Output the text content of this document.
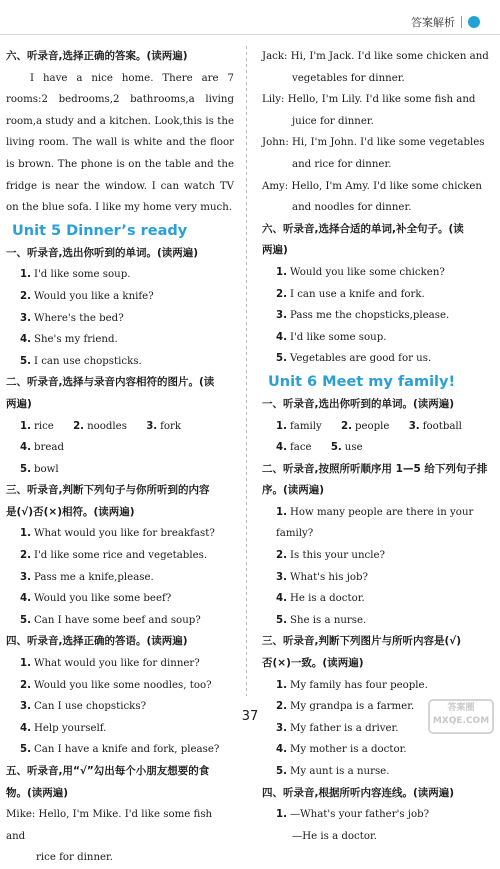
答案解析
六、听录音,选择正确的答案。(读两遍)
I have a nice home. There are 7 rooms:2 bedrooms,2 bathrooms,a living room,a study and a kitchen. Look,this is the living room. The wall is white and the floor is brown. The phone is on the table and the fridge is near the window. I can watch TV on the blue sofa. I like my home very much.
Unit 5 Dinner’s ready
一、听录音,选出你听到的单词。(读两遍)
1. I'd like some soup.
2. Would you like a knife?
3. Where's the bed?
4. She's my friend.
5. I can use chopsticks.
二、听录音,选择与录音内容相符的图片。(读
两遍)
1. rice 2. noodles 3. fork 4. bread
5. bowl
三、听录音,判断下列句子与你所听到的内容
是(√)否(×)相符。(读两遍)
1. What would you like for breakfast?
2. I'd like some rice and vegetables.
3. Pass me a knife,please.
4. Would you like some beef?
5. Can I have some beef and soup?
四、听录音,选择正确的答语。(读两遍)
1. What would you like for dinner?
2. Would you like some noodles, too?
3. Can I use chopsticks?
4. Help yourself.
5. Can I have a knife and fork, please?
五、听录音,用“√”勾出每个小朋友想要的食
物。(读两遍)
Mike: Hello, I'm Mike. I'd like some fish and
rice for dinner.
Jack: Hi, I'm Jack. I'd like some chicken and
vegetables for dinner.
Lily: Hello, I'm Lily. I'd like some fish and
juice for dinner.
John: Hi, I'm John. I'd like some vegetables
and rice for dinner.
Amy: Hello, I'm Amy. I'd like some chicken
and noodles for dinner.
六、听录音,选择合适的单词,补全句子。(读
两遍)
1. Would you like some chicken?
2. I can use a knife and fork.
3. Pass me the chopsticks,please.
4. I'd like some soup.
5. Vegetables are good for us.
Unit 6 Meet my family!
一、听录音,选出你听到的单词。(读两遍)
1. family 2. people 3. football
4. face 5. use
二、听录音,按照所听顺序用 1—5 给下列句子排
序。(读两遍)
1. How many people are there in your family?
2. Is this your uncle?
3. What's his job?
4. He is a doctor.
5. She is a nurse.
三、听录音,判断下列图片与所听内容是(√)
否(×)一致。(读两遍)
1. My family has four people.
2. My grandpa is a farmer.
3. My father is a driver.
4. My mother is a doctor.
5. My aunt is a nurse.
四、听录音,根据所听内容连线。(读两遍)
1. —What's your father's job?
—He is a doctor.
37
答案圈
MXQE.COM
